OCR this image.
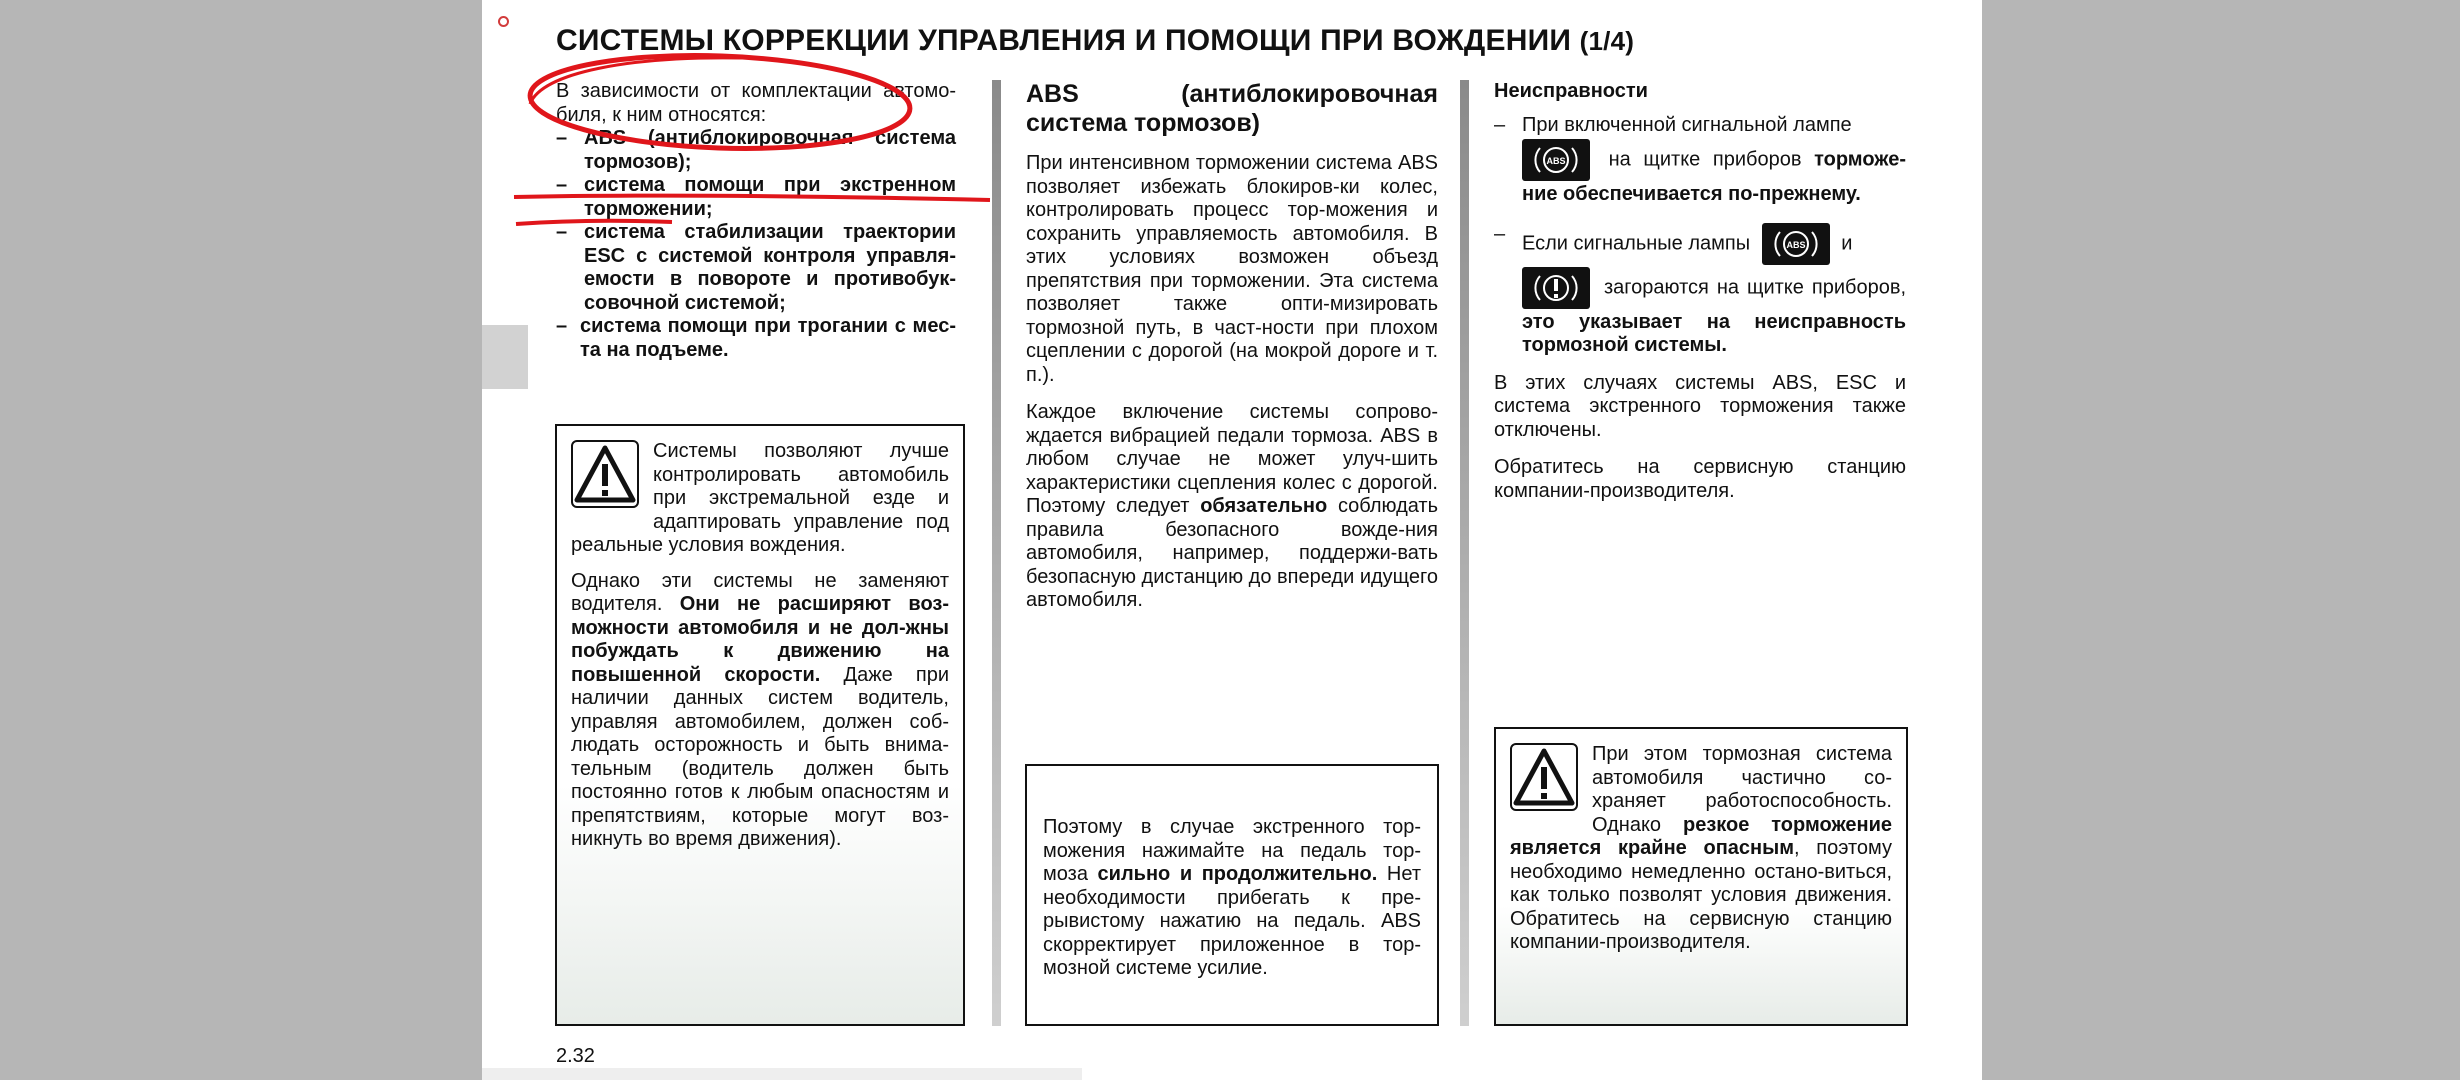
СИСТЕМЫ КОРРЕКЦИИ УПРАВЛЕНИЯ И ПОМОЩИ ПРИ ВОЖДЕНИИ (1/4)

В зависимости от комплектации автомо-биля, к ним относятся:

– ABS (антиблокировочная система тормозов);
– система помощи при экстренном торможении;
– система стабилизации траектории ESC с системой контроля управля-емости в повороте и противобук-совочной системой;
– система помощи при трогании с мес-та на подъеме.

Системы позволяют лучше контролировать автомобиль при экстремальной езде и адаптировать управление под реальные условия вождения.

Однако эти системы не заменяют водителя. Они не расширяют воз-можности автомобиля и не дол-жны побуждать к движению на повышенной скорости. Даже при наличии данных систем водитель, управляя автомобилем, должен соб-людать осторожность и быть внима-тельным (водитель должен быть постоянно готов к любым опасностям и препятствиям, которые могут воз-никнуть во время движения).

ABS (антиблокировочная система тормозов)

При интенсивном торможении система ABS позволяет избежать блокиров-ки колес, контролировать процесс тор-можения и сохранить управляемость автомобиля. В этих условиях возможен объезд препятствия при торможении. Эта система позволяет также опти-мизировать тормозной путь, в част-ности при плохом сцеплении с дорогой (на мокрой дороге и т. п.).

Каждое включение системы сопрово-ждается вибрацией педали тормоза. ABS в любом случае не может улуч-шить характеристики сцепления колес с дорогой. Поэтому следует обязательно соблюдать правила безопасного вожде-ния автомобиля, например, поддержи-вать безопасную дистанцию до впереди идущего автомобиля.

Поэтому в случае экстренного тор-можения нажимайте на педаль тор-моза сильно и продолжительно. Нет необходимости прибегать к пре-рывистому нажатию на педаль. ABS скорректирует приложенное в тор-мозной системе усилие.

Неисправности
– При включенной сигнальной лампе

ABS на щитке приборов торможе-ние обеспечивается по-прежнему.
– Если сигнальные лампы	ABS и

загораются на щитке приборов, это указывает на неисправность тормозной системы.

В этих случаях системы ABS, ESC и система экстренного торможения также отключены.

Обратитесь на сервисную станцию компании-производителя.

При этом тормозная система автомобиля частично со-храняет работоспособность. Однако резкое торможение является крайне опасным, поэтому необходимо немедленно остано-виться, как только позволят условия движения. Обратитесь на сервисную станцию компании-производителя.

2.32
